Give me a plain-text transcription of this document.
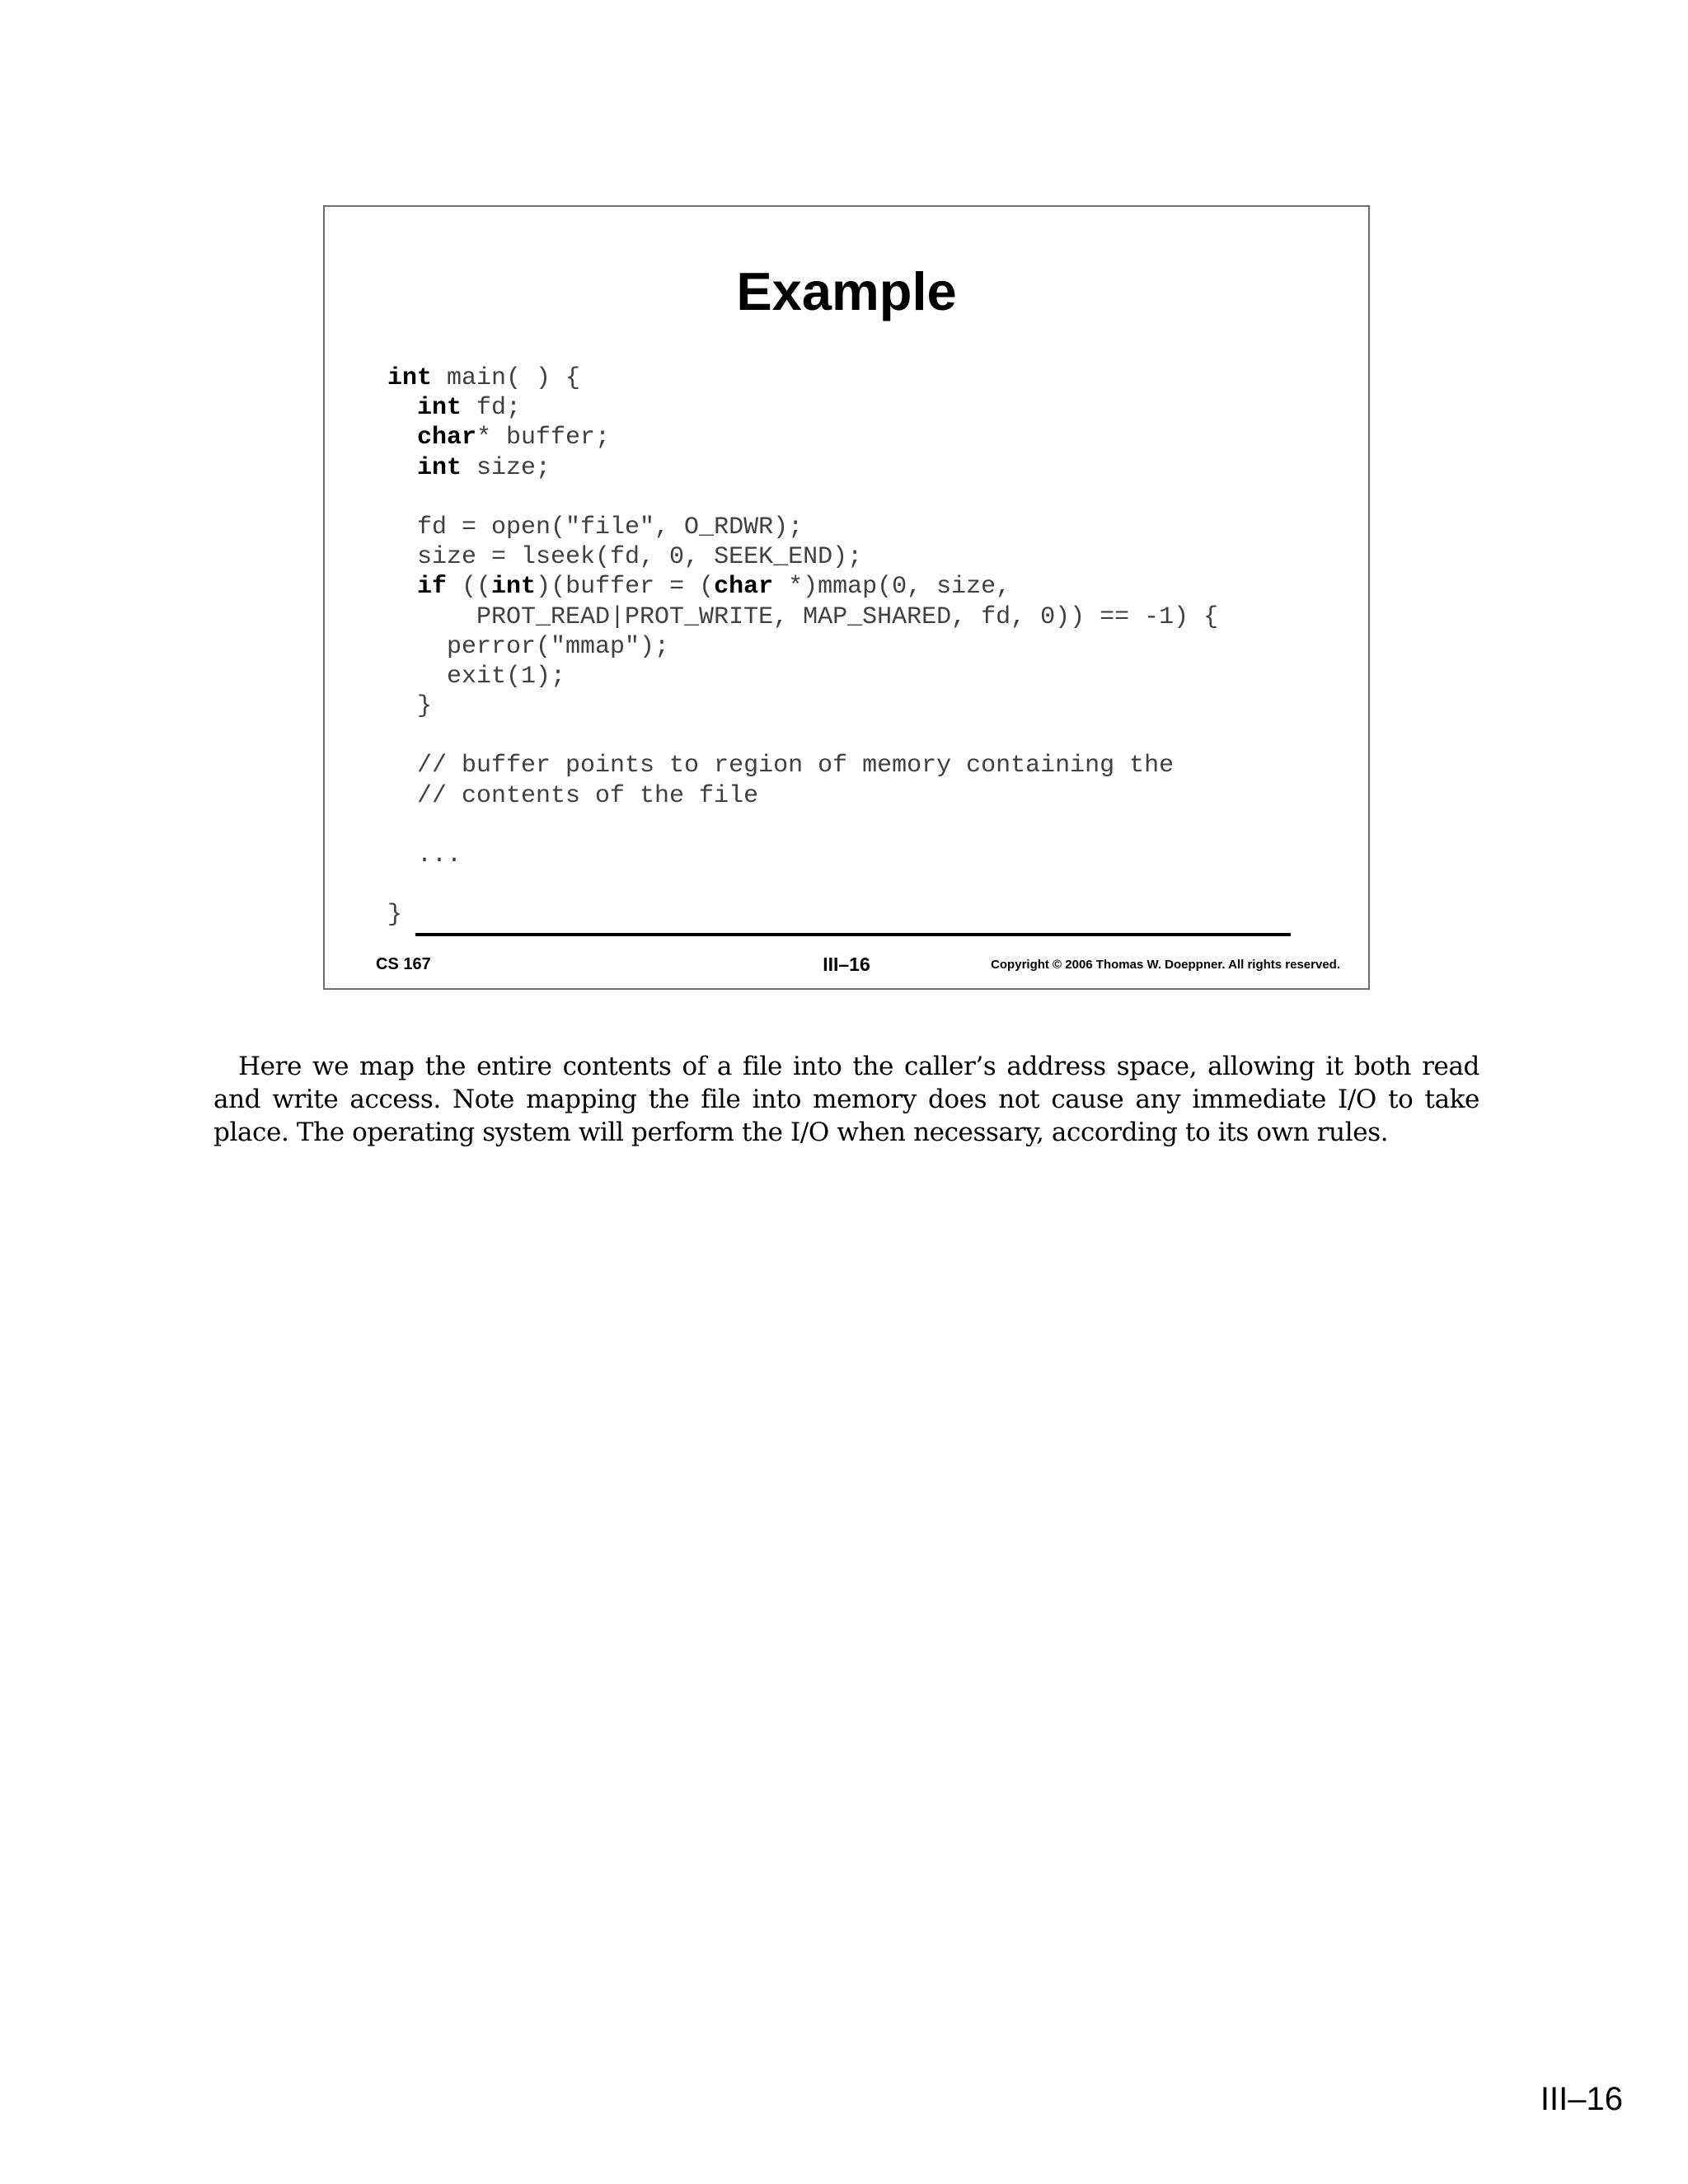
Example
int main( ) {
int fd;
char* buffer;
int size;
fd = open("file", O_RDWR);
size = lseek(fd, 0, SEEK_END);
if ((int)(buffer = (char *)mmap(0, size,
PROT_READ|PROT_WRITE, MAP_SHARED, fd, 0)) == -1) {
perror("mmap");
exit(1);
}
// buffer points to region of memory containing the
// contents of the file
...
}
CS 167	III–16	Copyright © 2006 Thomas W. Doeppner. All rights reserved.

Here we map the entire contents of a file into the caller’s address space, allowing it both read and write access. Note mapping the file into memory does not cause any immediate I/O to take place. The operating system will perform the I/O when necessary, according to its own rules.

III–16
